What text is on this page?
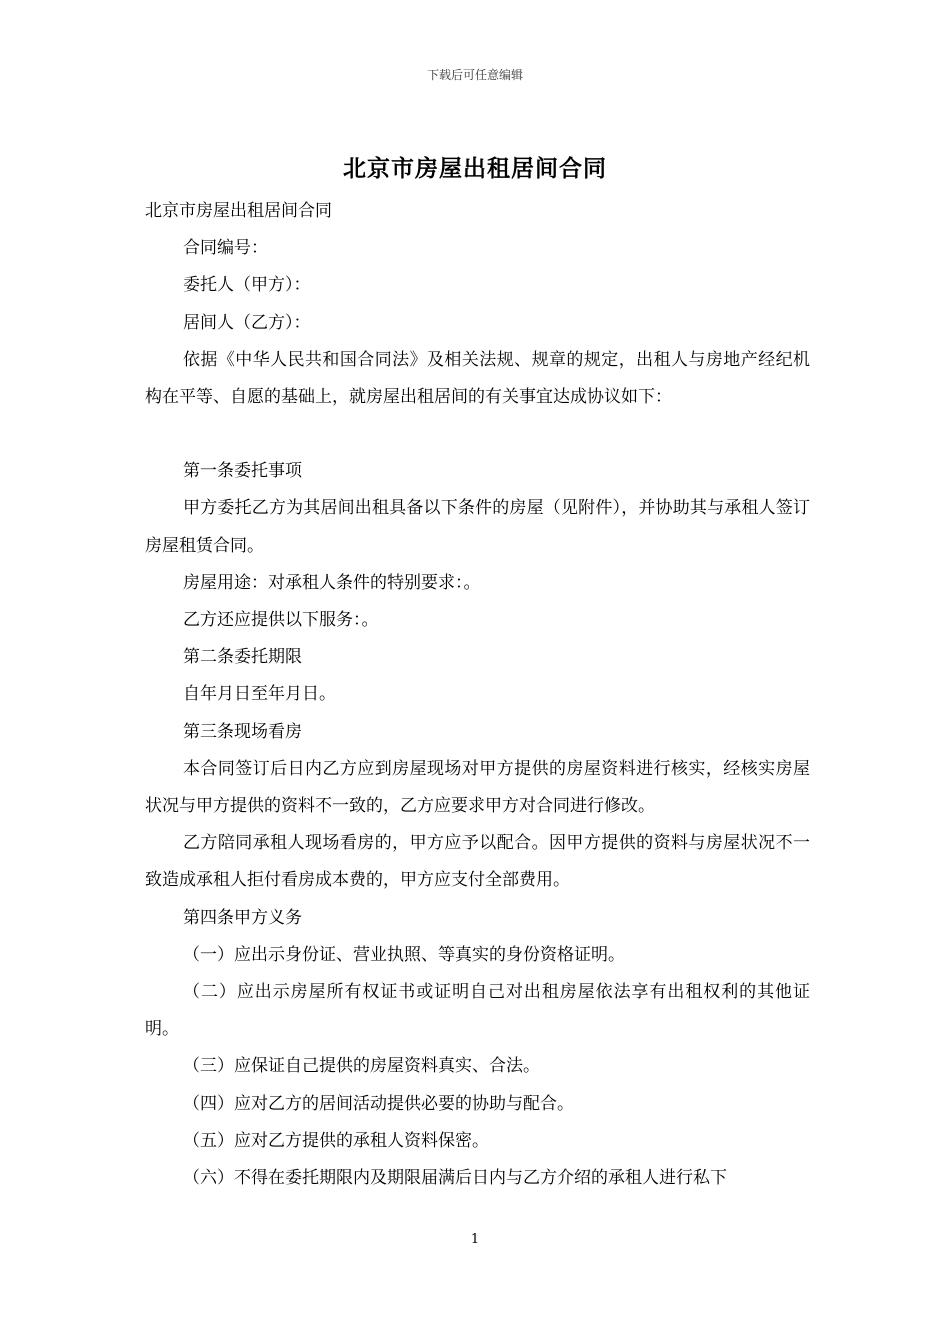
下载后可任意编辑
北京市房屋出租居间合同

北京市房屋出租居间合同

合同编号：

委托人（甲方）：

居间人（乙方）：

依据《中华人民共和国合同法》及相关法规、规章的规定，出租人与房地产经纪机构在平等、自愿的基础上，就房屋出租居间的有关事宜达成协议如下：

第一条委托事项

甲方委托乙方为其居间出租具备以下条件的房屋（见附件），并协助其与承租人签订房屋租赁合同。

房屋用途：对承租人条件的特别要求：。

乙方还应提供以下服务：。

第二条委托期限

自年月日至年月日。

第三条现场看房

本合同签订后日内乙方应到房屋现场对甲方提供的房屋资料进行核实，经核实房屋状况与甲方提供的资料不一致的，乙方应要求甲方对合同进行修改。

乙方陪同承租人现场看房的，甲方应予以配合。因甲方提供的资料与房屋状况不一致造成承租人拒付看房成本费的，甲方应支付全部费用。

第四条甲方义务

（一）应出示身份证、营业执照、等真实的身份资格证明。

（二）应出示房屋所有权证书或证明自己对出租房屋依法享有出租权利的其他证明。

（三）应保证自己提供的房屋资料真实、合法。

（四）应对乙方的居间活动提供必要的协助与配合。

（五）应对乙方提供的承租人资料保密。

（六）不得在委托期限内及期限届满后日内与乙方介绍的承租人进行私下

1
